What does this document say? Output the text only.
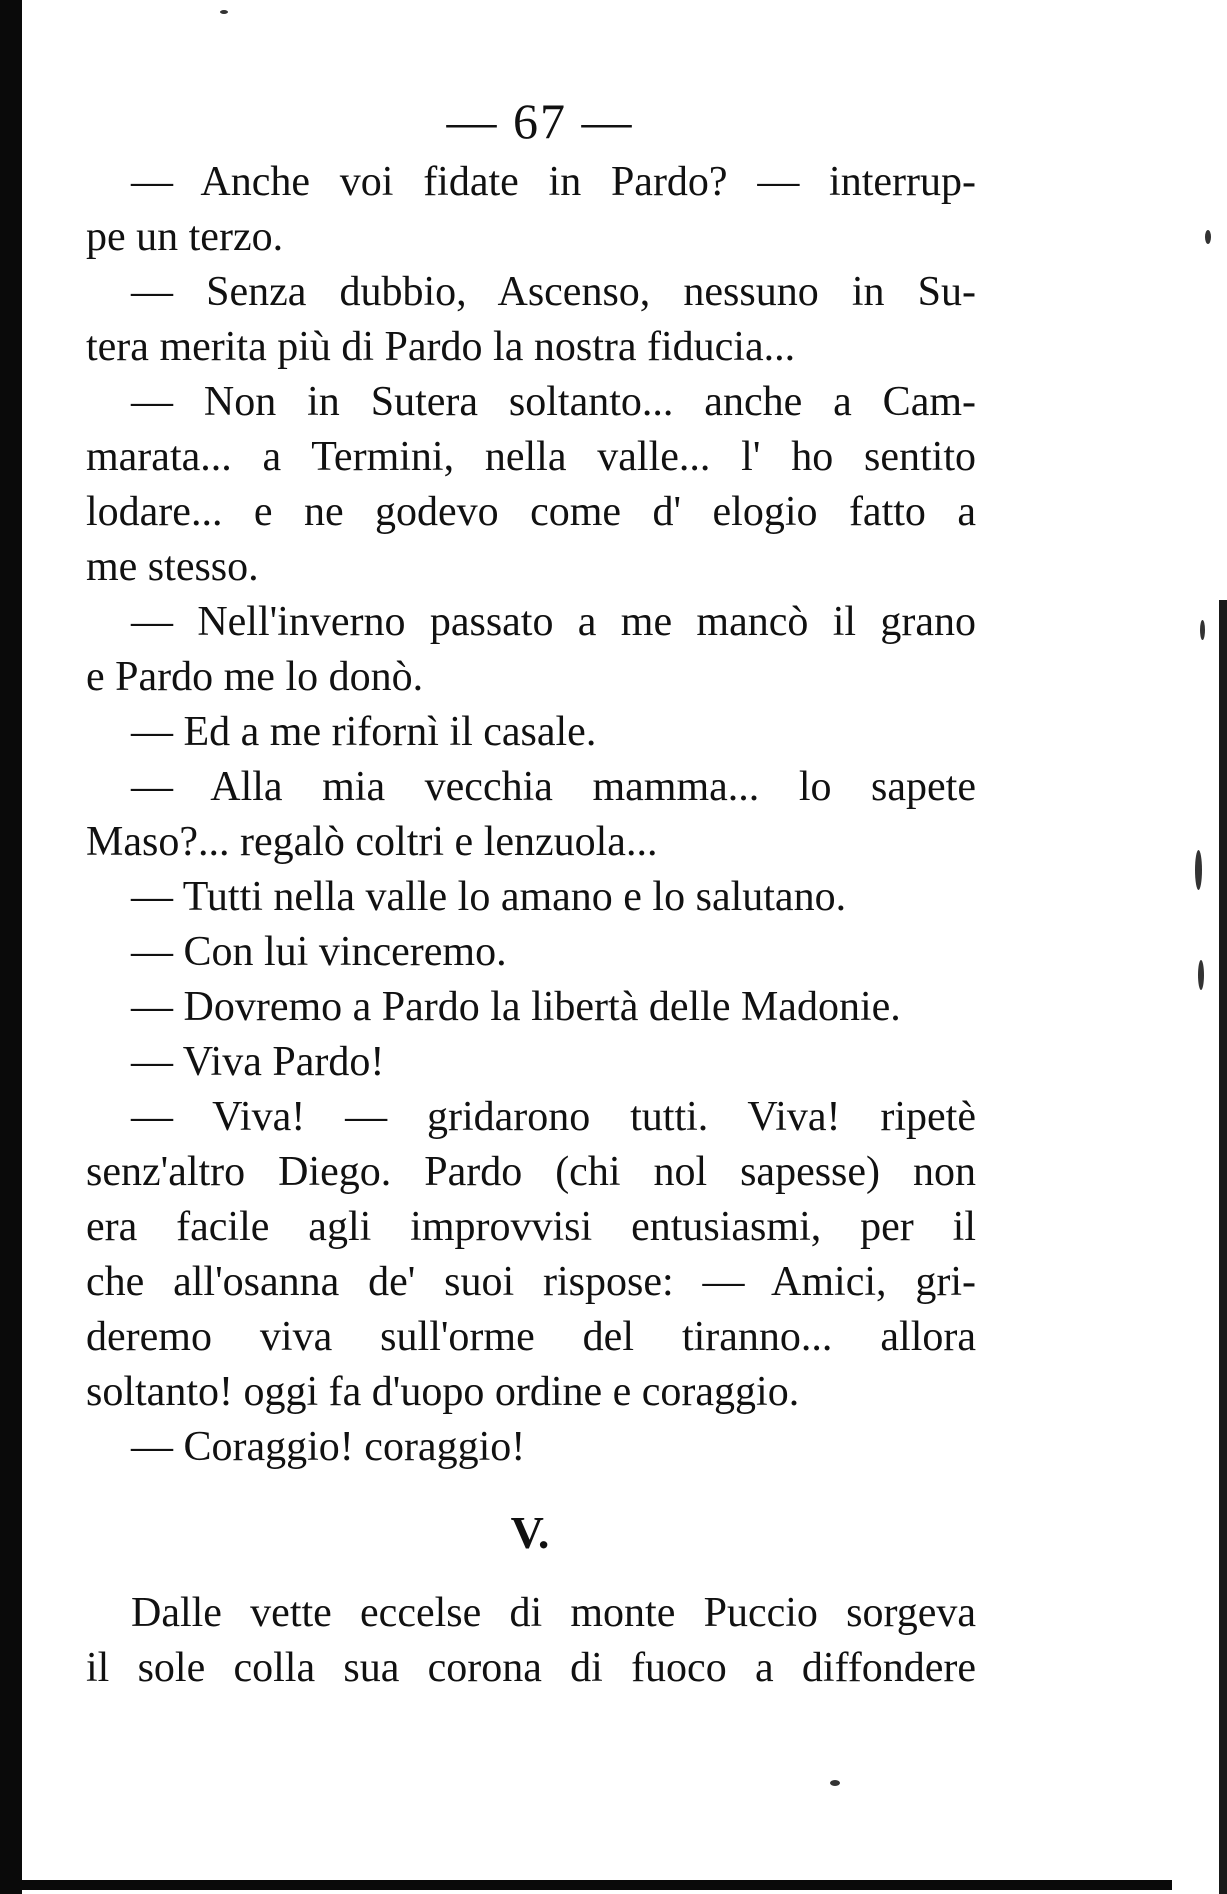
— 67 —
— Anche voi fidate in Pardo? — interrup-
pe un terzo.
— Senza dubbio, Ascenso, nessuno in Su-
tera merita più di Pardo la nostra fiducia...
— Non in Sutera soltanto... anche a Cam-
marata... a Termini, nella valle... l' ho sentito
lodare... e ne godevo come d' elogio fatto a
me stesso.
— Nell'inverno passato a me mancò il grano
e Pardo me lo donò.
— Ed a me rifornì il casale.
— Alla mia vecchia mamma... lo sapete
Maso?... regalò coltri e lenzuola...
— Tutti nella valle lo amano e lo salutano.
— Con lui vinceremo.
— Dovremo a Pardo la libertà delle Madonie.
— Viva Pardo!
— Viva! — gridarono tutti. Viva! ripetè
senz'altro Diego. Pardo (chi nol sapesse) non
era facile agli improvvisi entusiasmi, per il
che all'osanna de' suoi rispose: — Amici, gri-
deremo viva sull'orme del tiranno... allora
soltanto! oggi fa d'uopo ordine e coraggio.
— Coraggio! coraggio!
V.
Dalle vette eccelse di monte Puccio sorgeva
il sole colla sua corona di fuoco a diffondere
